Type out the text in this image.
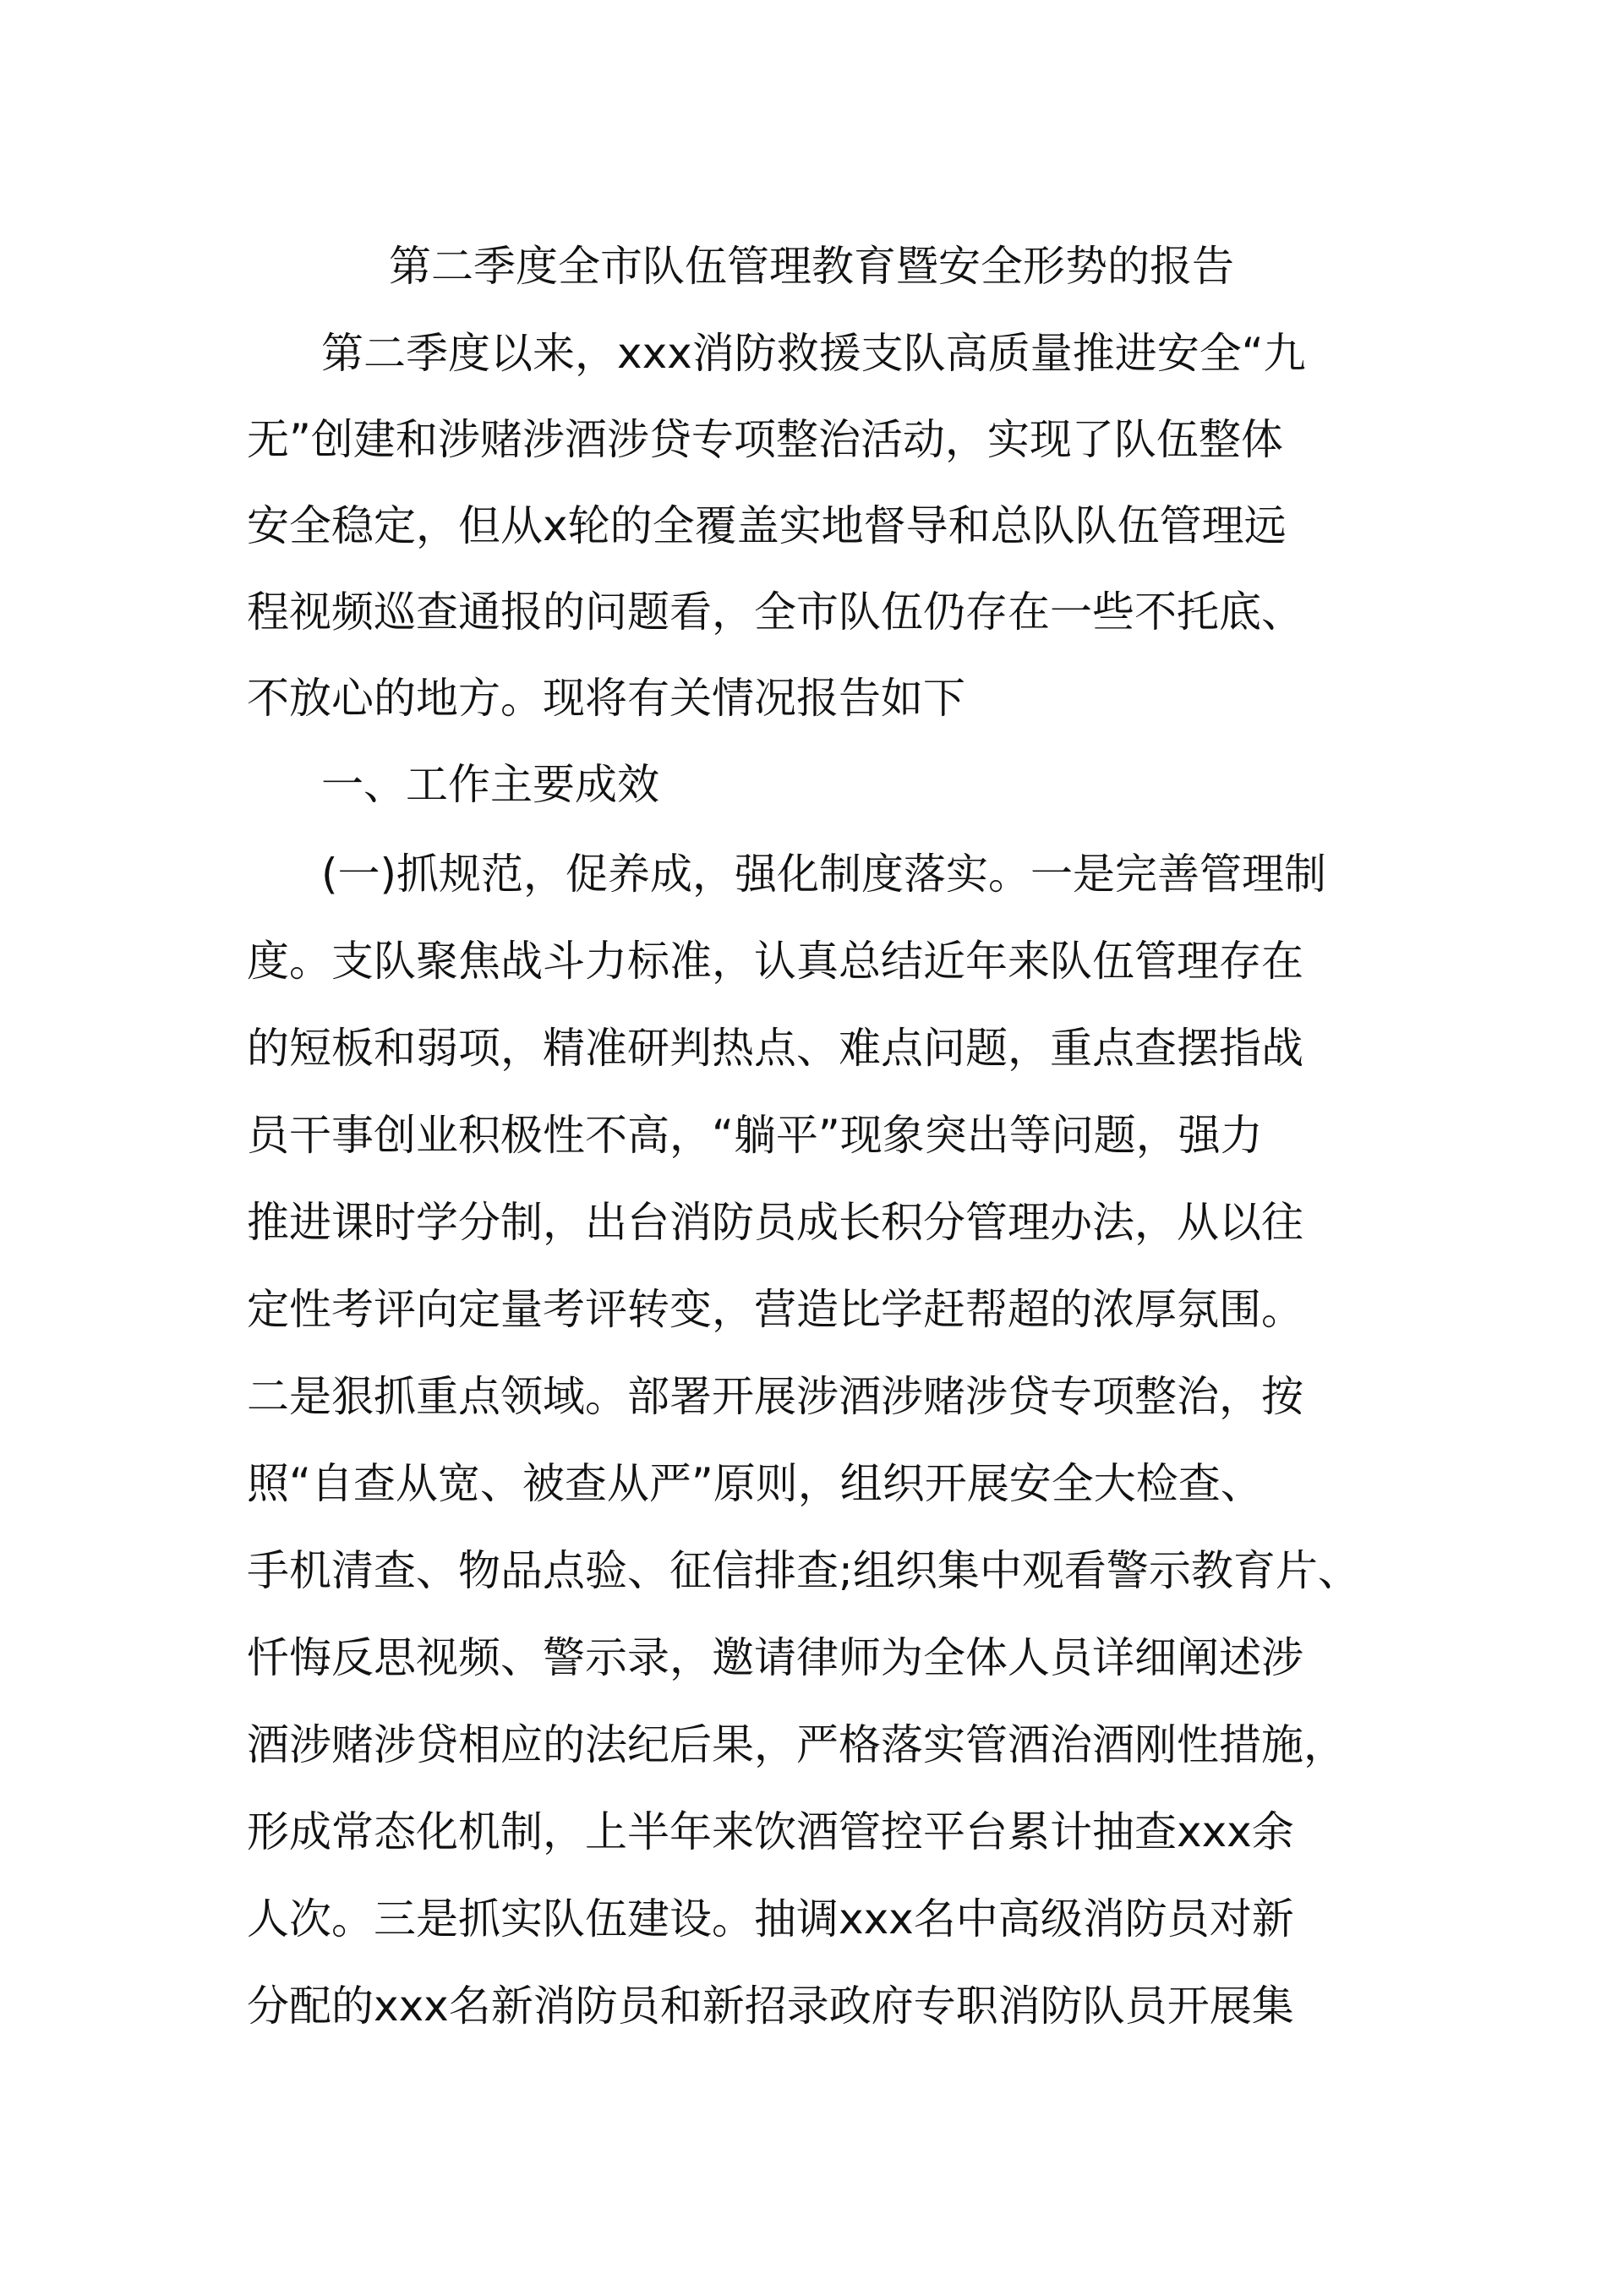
第二季度全市队伍管理教育暨安全形势的报告
第二季度以来，xxx消防救援支队高质量推进安全“九
无”创建和涉赌涉酒涉贷专项整治活动，实现了队伍整体
安全稳定，但从x轮的全覆盖实地督导和总队队伍管理远
程视频巡查通报的问题看，全市队伍仍存在一些不托底、
不放心的地方。现将有关情况报告如下
一、工作主要成效
(一)抓规范，促养成，强化制度落实。一是完善管理制
度。支队聚焦战斗力标准，认真总结近年来队伍管理存在
的短板和弱项，精准研判热点、难点问题，重点查摆指战
员干事创业积极性不高，“躺平”现象突出等问题，强力
推进课时学分制，出台消防员成长积分管理办法，从以往
定性考评向定量考评转变，营造比学赶帮超的浓厚氛围。
二是狠抓重点领域。部署开展涉酒涉赌涉贷专项整治，按
照“自查从宽、被查从严”原则，组织开展安全大检查、
手机清查、物品点验、征信排查;组织集中观看警示教育片、
忏悔反思视频、警示录，邀请律师为全体人员详细阐述涉
酒涉赌涉贷相应的法纪后果，严格落实管酒治酒刚性措施，
形成常态化机制，上半年来饮酒管控平台累计抽查xxx余
人次。三是抓实队伍建设。抽调xxx名中高级消防员对新
分配的xxx名新消防员和新招录政府专职消防队员开展集
